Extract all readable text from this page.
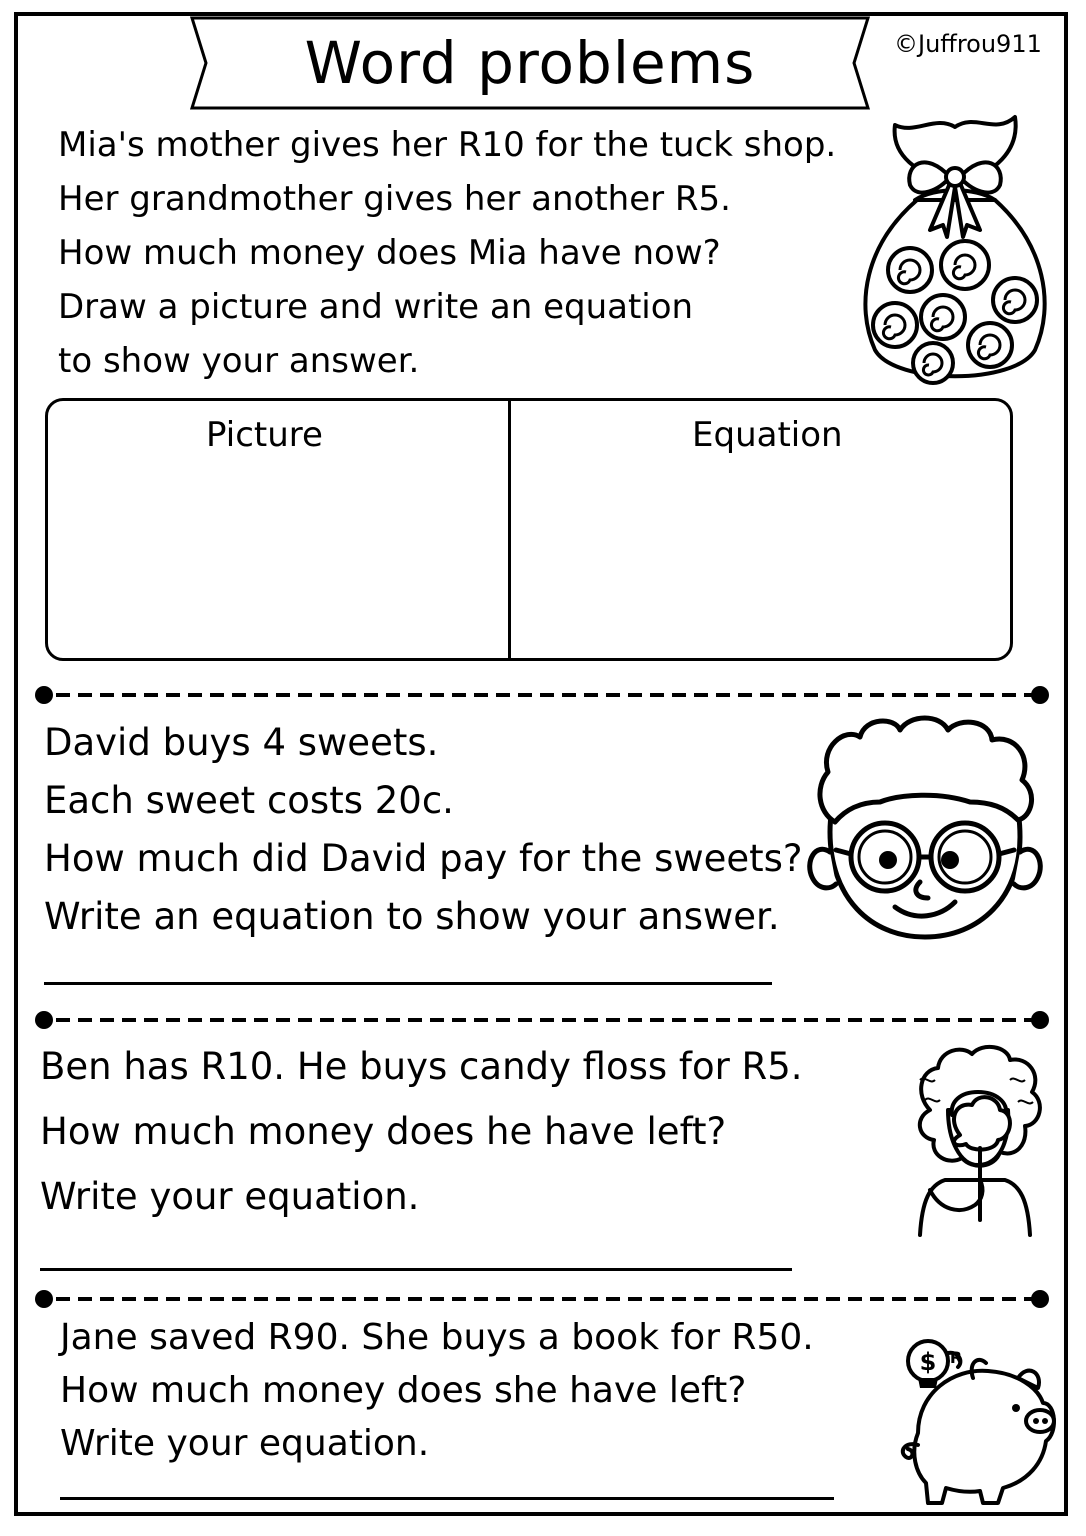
Word problems	©Juffrou911
Mia's mother gives her R10 for the tuck shop.
Her grandmother gives her another R5.
How much money does Mia have now?
Draw a picture and write an equation
to show your answer.
Picture	Equation
David buys 4 sweets.
Each sweet costs 20c.
How much did David pay for the sweets?
Write an equation to show your answer.
Ben has R10. He buys candy floss for R5.
How much money does he have left?
Write your equation.
Jane saved R90. She buys a book for R50.
How much money does she have left?
Write your equation.
$ R
